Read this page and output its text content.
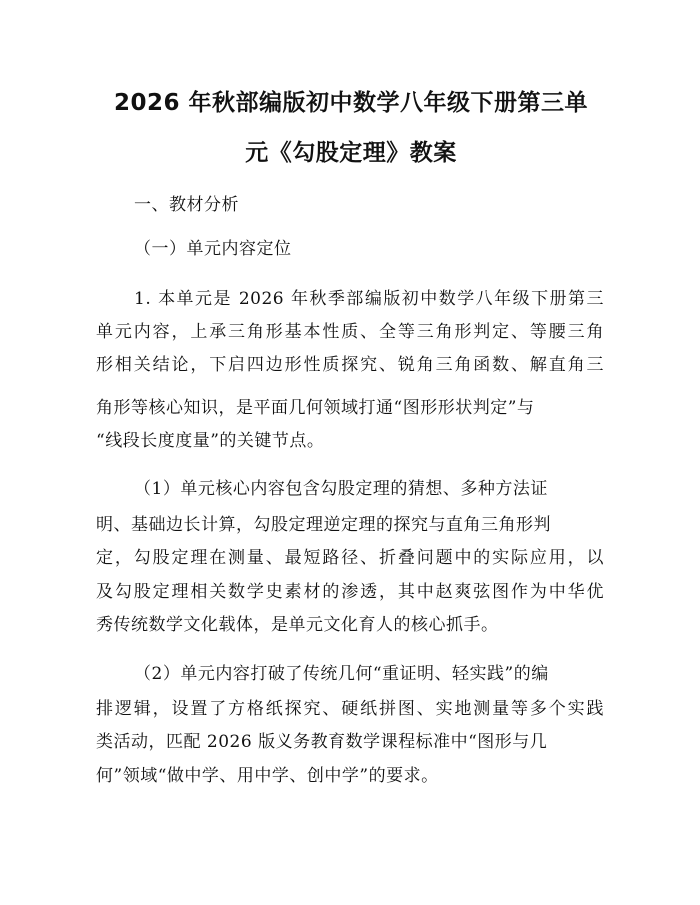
2026 年秋部编版初中数学八年级下册第三单
元《勾股定理》教案

一、教材分析

（一）单元内容定位

1. 本单元是 2026 年秋季部编版初中数学八年级下册第三

单元内容，上承三角形基本性质、全等三角形判定、等腰三角

形相关结论，下启四边形性质探究、锐角三角函数、解直角三

角形等核心知识，是平面几何领域打通“图形形状判定”与

“线段长度度量”的关键节点。

（1）单元核心内容包含勾股定理的猜想、多种方法证

明、基础边长计算，勾股定理逆定理的探究与直角三角形判

定，勾股定理在测量、最短路径、折叠问题中的实际应用，以

及勾股定理相关数学史素材的渗透，其中赵爽弦图作为中华优

秀传统数学文化载体，是单元文化育人的核心抓手。

（2）单元内容打破了传统几何“重证明、轻实践”的编

排逻辑，设置了方格纸探究、硬纸拼图、实地测量等多个实践

类活动，匹配 2026 版义务教育数学课程标准中“图形与几

何”领域“做中学、用中学、创中学”的要求。
